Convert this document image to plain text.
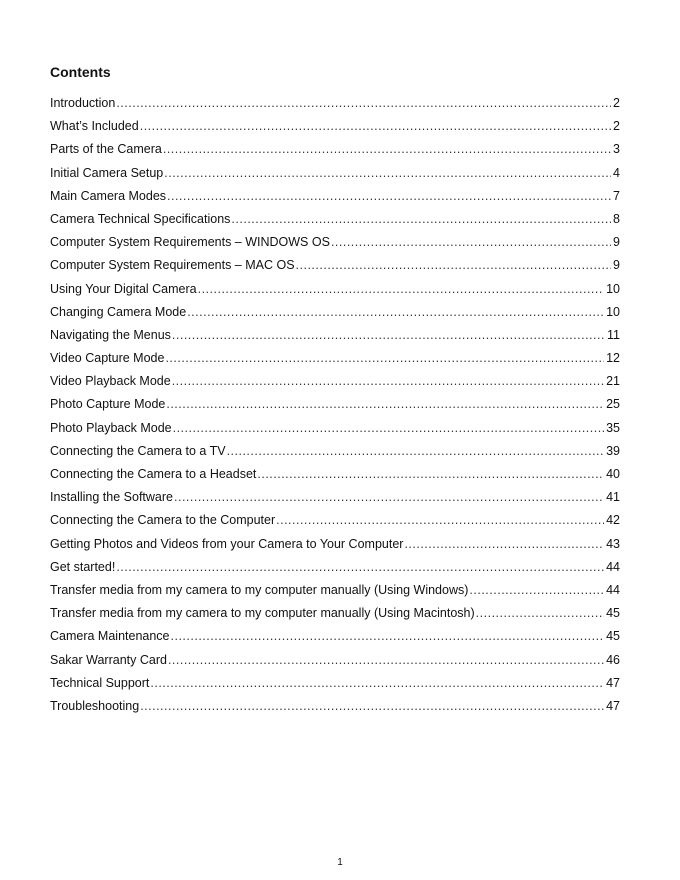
Contents
Introduction .....	2
What’s Included .....	2
Parts of the Camera .....	3
Initial Camera Setup .....	4
Main Camera Modes .....	7
Camera Technical Specifications .....	8
Computer System Requirements – WINDOWS OS .....	9
Computer System Requirements – MAC OS .....	9
Using Your Digital Camera .....	10
Changing Camera Mode .....	10
Navigating the Menus .....	11
Video Capture Mode .....	12
Video Playback Mode .....	21
Photo Capture Mode .....	25
Photo Playback Mode .....	35
Connecting the Camera to a TV .....	39
Connecting the Camera to a Headset .....	40
Installing the Software .....	41
Connecting the Camera to the Computer .....	42
Getting Photos and Videos from your Camera to Your Computer .....	43
Get started! .....	44
Transfer media from my camera to my computer manually (Using Windows) .....	44
Transfer media from my camera to my computer manually (Using Macintosh) .....	45
Camera Maintenance .....	45
Sakar Warranty Card .....	46
Technical Support .....	47
Troubleshooting .....	47
1
